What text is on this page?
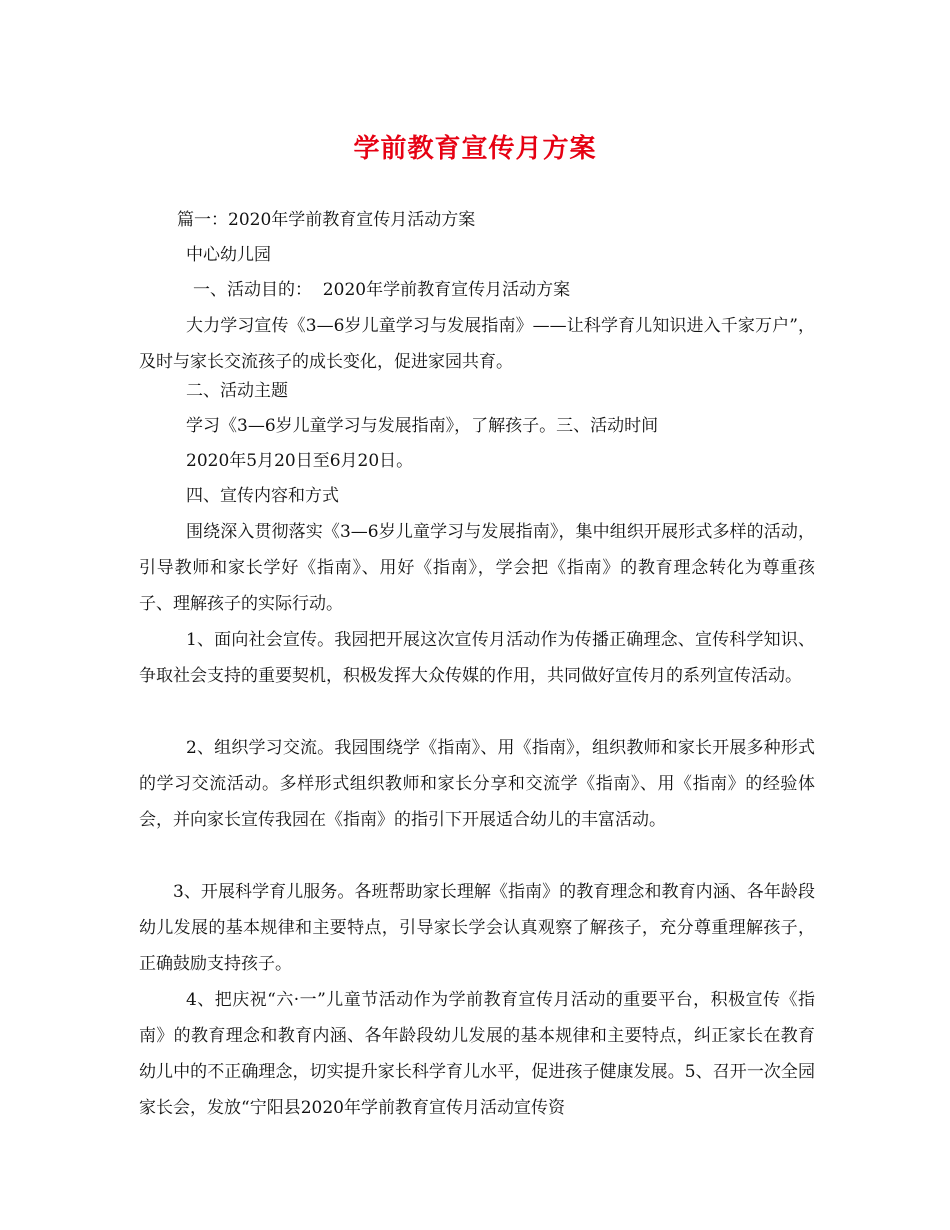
学前教育宣传月方案

篇一：2020年学前教育宣传月活动方案

中心幼儿园

一、活动目的：  2020年学前教育宣传月活动方案

大力学习宣传《3—6岁儿童学习与发展指南》——让科学育儿知识进入千家万户”， 及时与家长交流孩子的成长变化，促进家园共育。

二、活动主题

学习《3—6岁儿童学习与发展指南》，了解孩子。三、活动时间

2020年5月20日至6月20日。

四、宣传内容和方式

围绕深入贯彻落实《3—6岁儿童学习与发展指南》，集中组织开展形式多样的活动，引导教师和家长学好《指南》、用好《指南》，学会把《指南》的教育理念转化为尊重孩子、理解孩子的实际行动。

1、面向社会宣传。我园把开展这次宣传月活动作为传播正确理念、宣传科学知识、争取社会支持的重要契机，积极发挥大众传媒的作用，共同做好宣传月的系列宣传活动。

2、组织学习交流。我园围绕学《指南》、用《指南》，组织教师和家长开展多种形式的学习交流活动。多样形式组织教师和家长分享和交流学《指南》、用《指南》的经验体会，并向家长宣传我园在《指南》的指引下开展适合幼儿的丰富活动。

3、开展科学育儿服务。各班帮助家长理解《指南》的教育理念和教育内涵、各年龄段幼儿发展的基本规律和主要特点，引导家长学会认真观察了解孩子，充分尊重理解孩子，正确鼓励支持孩子。

4、把庆祝“六·一”儿童节活动作为学前教育宣传月活动的重要平台，积极宣传《指南》的教育理念和教育内涵、各年龄段幼儿发展的基本规律和主要特点，纠正家长在教育幼儿中的不正确理念，切实提升家长科学育儿水平，促进孩子健康发展。5、召开一次全园家长会，发放“宁阳县2020年学前教育宣传月活动宣传资
